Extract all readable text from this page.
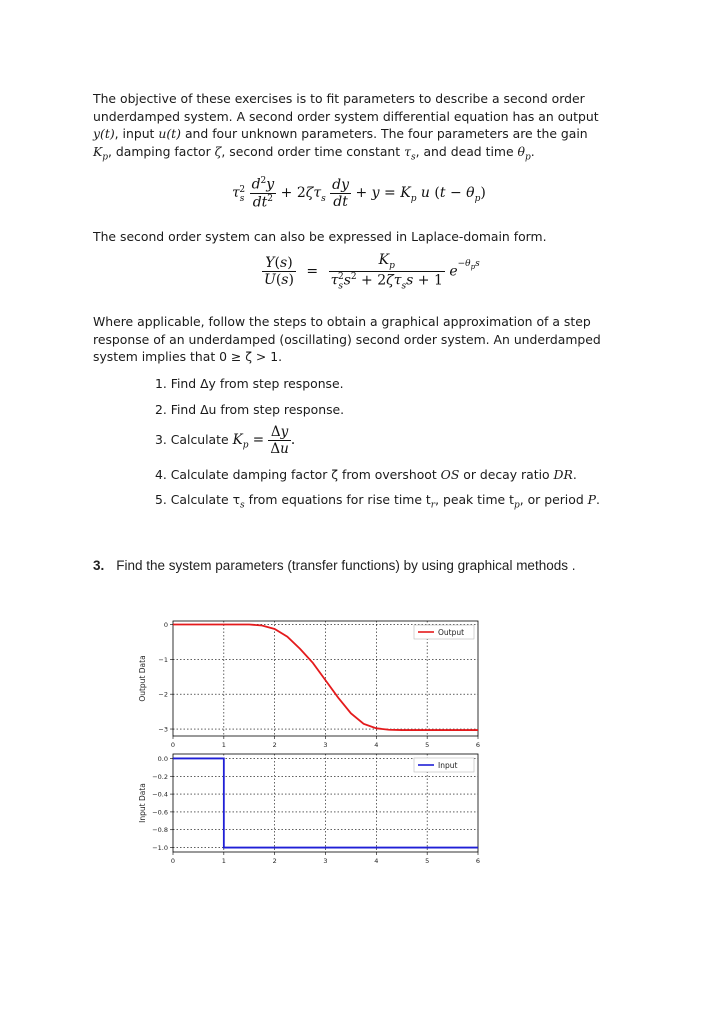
The objective of these exercises is to fit parameters to describe a second order
underdamped system. A second order system differential equation has an output
y(t), input u(t) and four unknown parameters. The four parameters are the gain
$K_p$, damping factor ζ, second order time constant $\tau_s$, and dead time $\theta_p$.
$\tau_s^2 \frac{d^2y}{dt^2} + 2\zeta\tau_s \frac{dy}{dt} + y = K_p$ u $(t - \theta_p)$
The second order system can also be expressed in Laplace-domain form.
$\frac{Y(s)}{U(s)} = \frac{K_p}{\tau_s^2s^2 + 2\zeta\tau_ss + 1} e^{-\theta_ps}$
Where applicable, follow the steps to obtain a graphical approximation of a step
response of an underdamped (oscillating) second order system. An underdamped
system implies that 0 ≥ ζ > 1.
1. Find Δy from step response.
2. Find Δu from step response.
3. Calculate $K_p = \frac{\Delta y}{\Delta u}$ .
4. Calculate damping factor ζ from overshoot OS or decay ratio DR.
5. Calculate $\tau_s$ from equations for rise time $t_r$, peak time $t_p$, or period P.
3. Find the system parameters (transfer functions) by using graphical methods .
0	1	2	3	4	5	6
0
−1
−2
−3
Output Data
Output
0	1	2	3	4	5	6
0.0
−0.2
−0.4
−0.6
−0.8
−1.0
Input Data
Input
